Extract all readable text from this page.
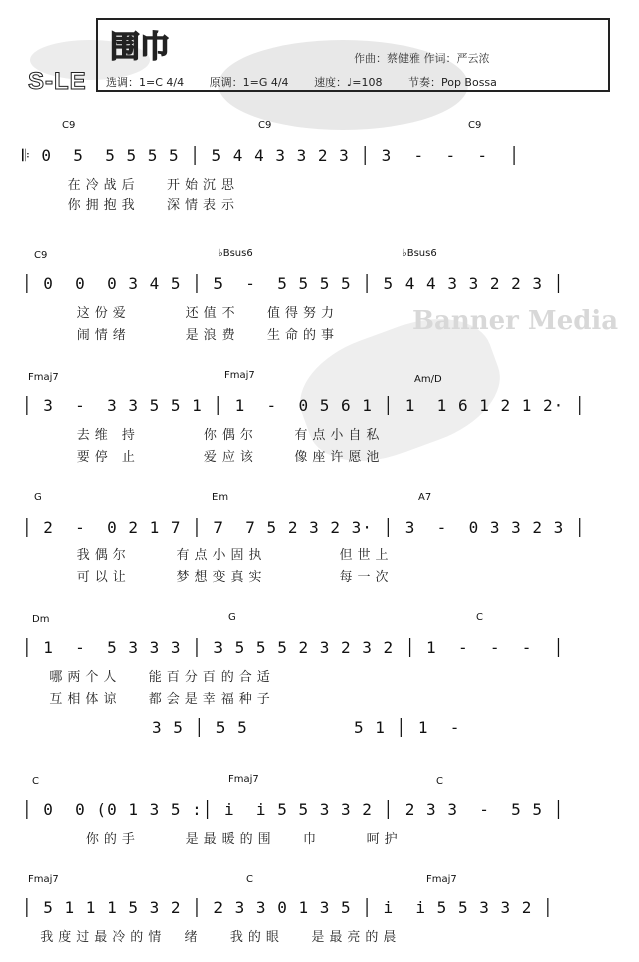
Banner Media
S-LE
围巾	作曲：蔡健雅 作词：严云浓
选调：1=C 4/4 原调：1=G 4/4 速度：♩=108 节奏：Pop Bossa
C9	C9	C9
𝄆 0  5  5 5 5 5 │ 5 4 4 3 3 2 3 │ 3  -  -  -  │
在冷战后   开始沉思
你拥抱我   深情表示
C9	♭Bsus6	♭Bsus6
│ 0  0  0 3 4 5 │ 5  -  5 5 5 5 │ 5 4 4 3 3 2 2 3 │
这份爱      还值不   值得努力
闹情绪      是浪费   生命的事
Fmaj7	Fmaj7	Am/D
│ 3  -  3 3 5 5 1 │ 1  -  0 5 6 1 │ 1  1 6 1 2 1 2· │
去维 持       你偶尔    有点小自私
要停 止       爱应该    像座许愿池
G	Em	A7
│ 2  -  0 2 1 7 │ 7  7 5 2 3 2 3· │ 3  -  0 3 3 2 3 │
我偶尔     有点小固执        但世上
可以让     梦想变真实        每一次
Dm	G	C
│ 1  -  5 3 3 3 │ 3 5 5 5 2 3 2 3 2 │ 1  -  -  -  │
哪两个人   能百分百的合适
互相体谅   都会是幸福种子
3 5 │ 5 5          5 1 │ 1  -
C	Fmaj7	C
│ 0  0 (0 1 3 5 :│ i  i 5 5 3 3 2 │ 2 3 3  -  5 5 │
你的手     是最暖的围   巾     呵护
Fmaj7	C	Fmaj7
│ 5 1 1 1 5 3 2 │ 2 3 3 0 1 3 5 │ i  i 5 5 3 3 2 │
我度过最冷的情  绪   我的眼   是最亮的晨
